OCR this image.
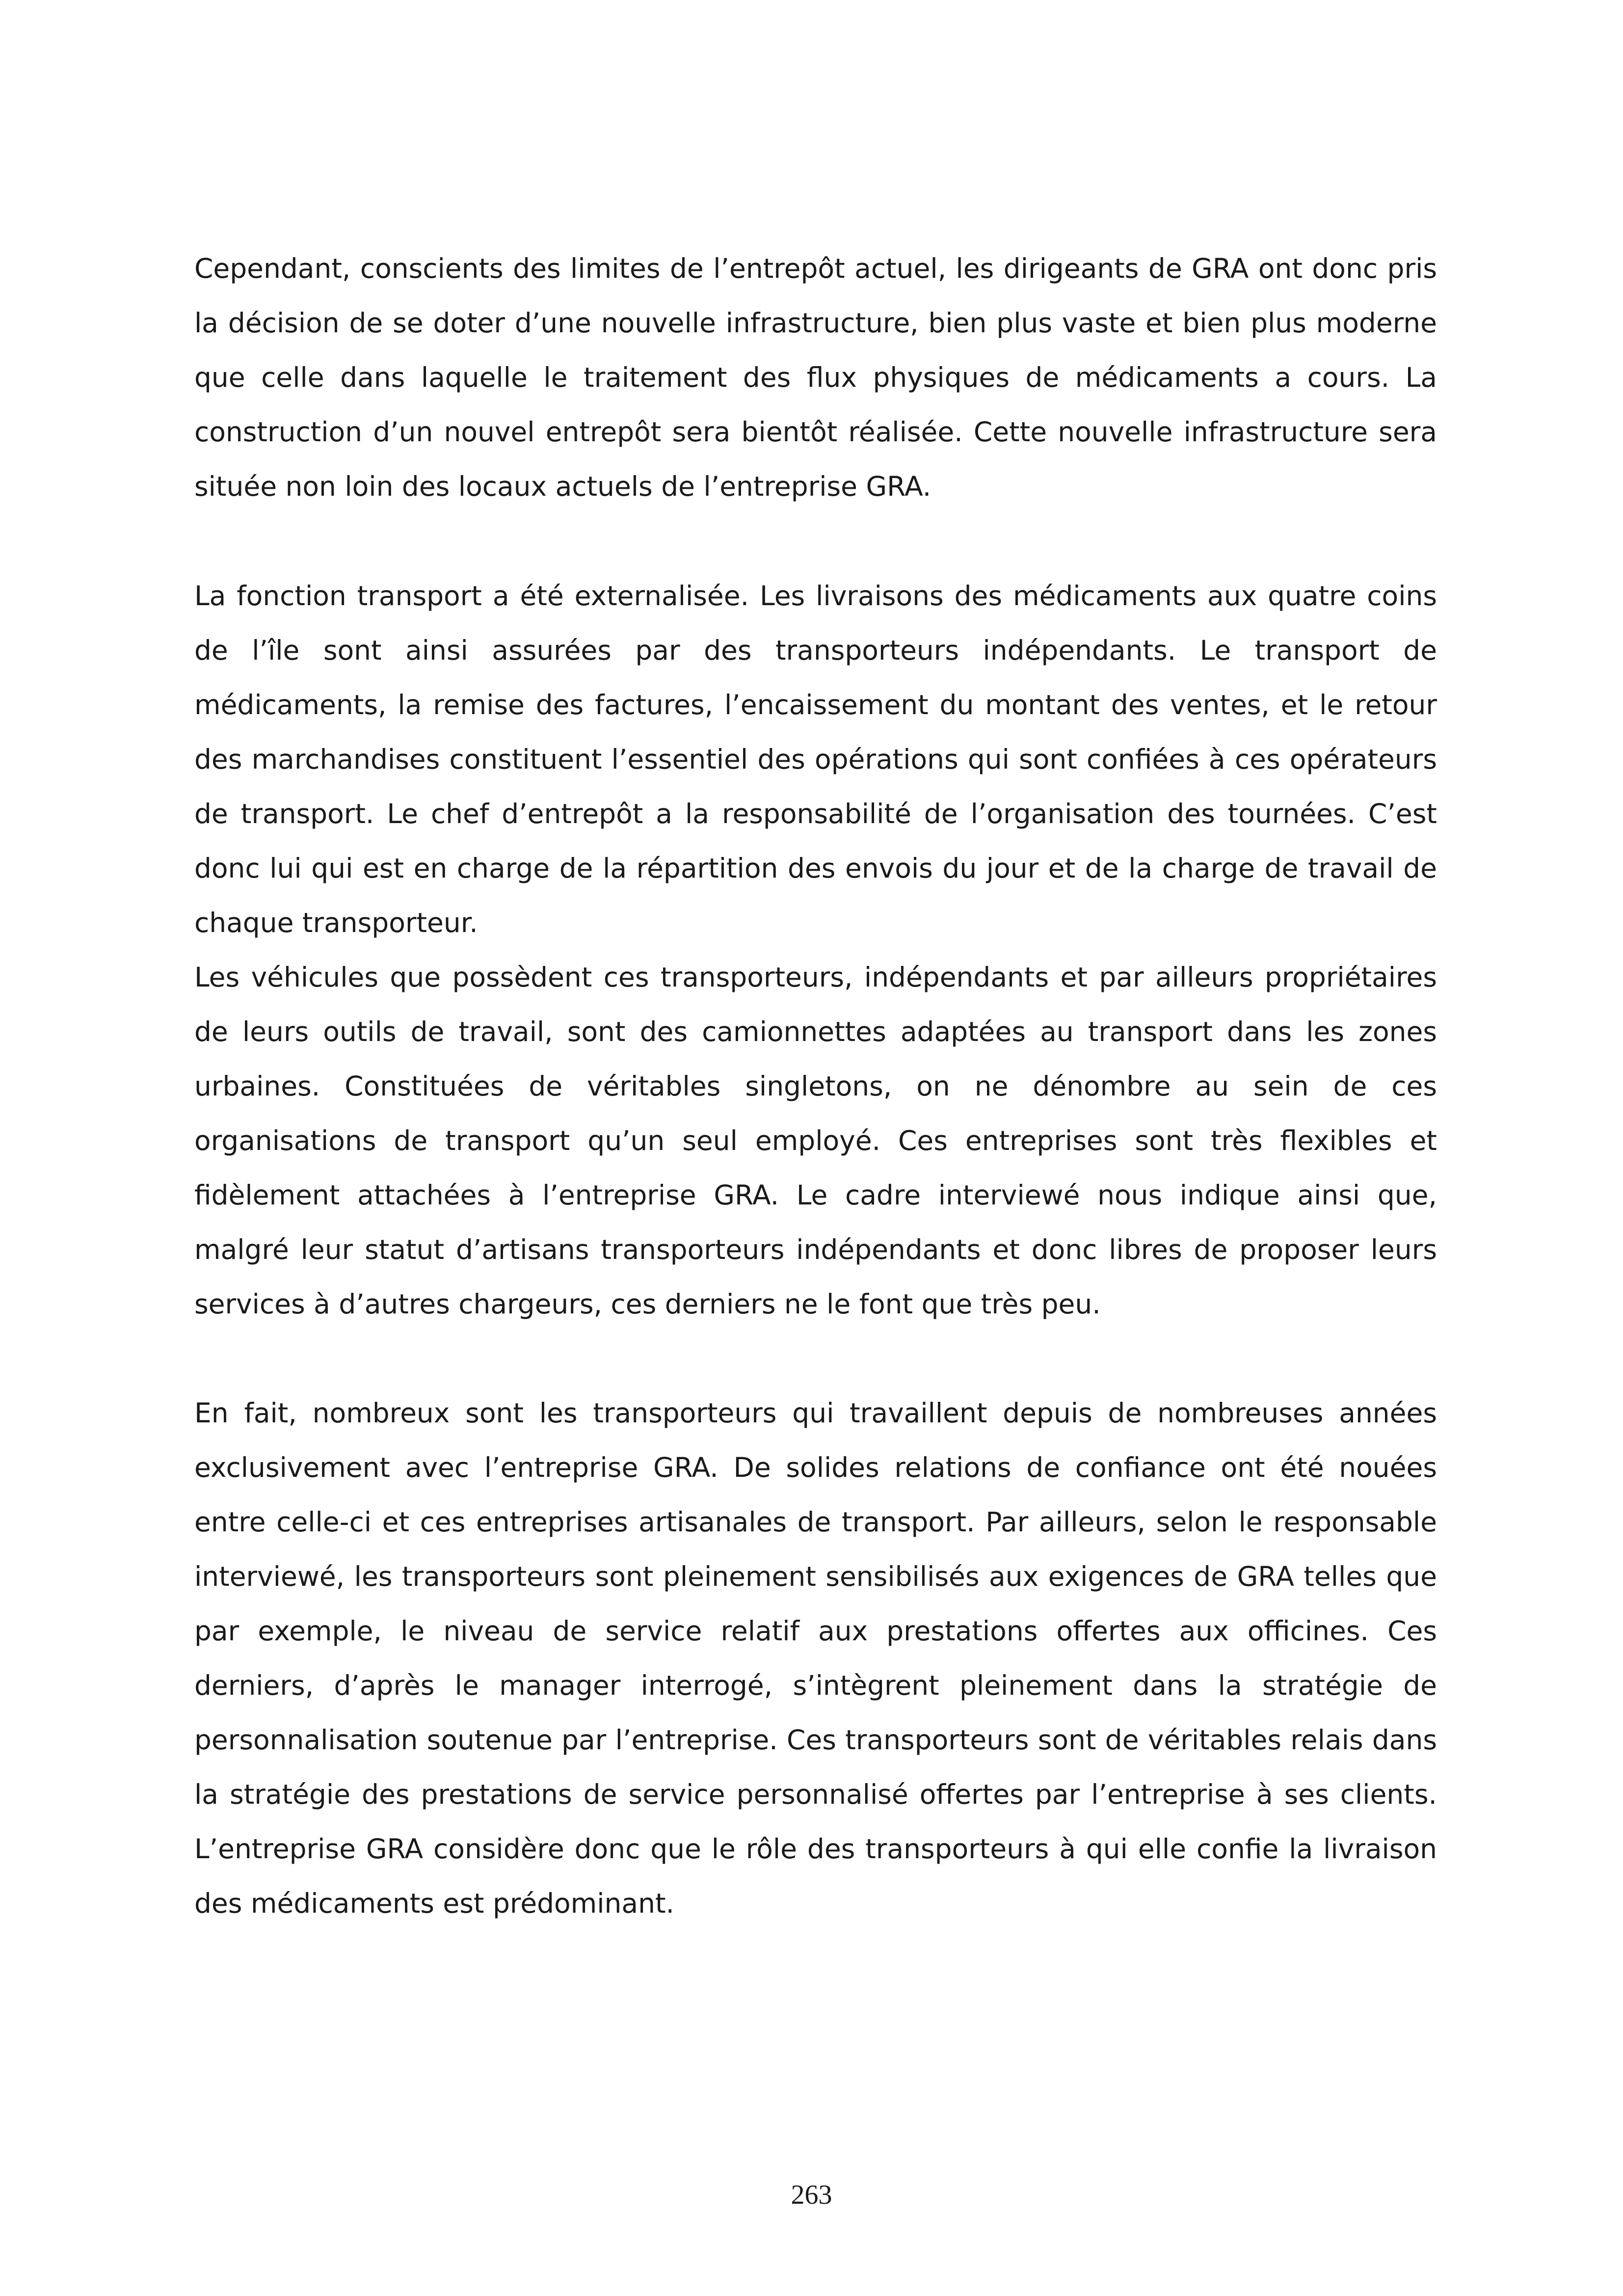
Cependant, conscients des limites de l’entrepôt actuel, les dirigeants de GRA ont donc pris la décision de se doter d’une nouvelle infrastructure, bien plus vaste et bien plus moderne que celle dans laquelle le traitement des flux physiques de médicaments a cours. La construction d’un nouvel entrepôt sera bientôt réalisée. Cette nouvelle infrastructure sera située non loin des locaux actuels de l’entreprise GRA.

La fonction transport a été externalisée. Les livraisons des médicaments aux quatre coins de l’île sont ainsi assurées par des transporteurs indépendants. Le transport de médicaments, la remise des factures, l’encaissement du montant des ventes, et le retour des marchandises constituent l’essentiel des opérations qui sont confiées à ces opérateurs de transport. Le chef d’entrepôt a la responsabilité de l’organisation des tournées. C’est donc lui qui est en charge de la répartition des envois du jour et de la charge de travail de chaque transporteur.

Les véhicules que possèdent ces transporteurs, indépendants et par ailleurs propriétaires de leurs outils de travail, sont des camionnettes adaptées au transport dans les zones urbaines. Constituées de véritables singletons, on ne dénombre au sein de ces organisations de transport qu’un seul employé. Ces entreprises sont très flexibles et fidèlement attachées à l’entreprise GRA. Le cadre interviewé nous indique ainsi que, malgré leur statut d’artisans transporteurs indépendants et donc libres de proposer leurs services à d’autres chargeurs, ces derniers ne le font que très peu.

En fait, nombreux sont les transporteurs qui travaillent depuis de nombreuses années exclusivement avec l’entreprise GRA. De solides relations de confiance ont été nouées entre celle-ci et ces entreprises artisanales de transport. Par ailleurs, selon le responsable interviewé, les transporteurs sont pleinement sensibilisés aux exigences de GRA telles que par exemple, le niveau de service relatif aux prestations offertes aux officines. Ces derniers, d’après le manager interrogé, s’intègrent pleinement dans la stratégie de personnalisation soutenue par l’entreprise. Ces transporteurs sont de véritables relais dans la stratégie des prestations de service personnalisé offertes par l’entreprise à ses clients. L’entreprise GRA considère donc que le rôle des transporteurs à qui elle confie la livraison des médicaments est prédominant.

263
